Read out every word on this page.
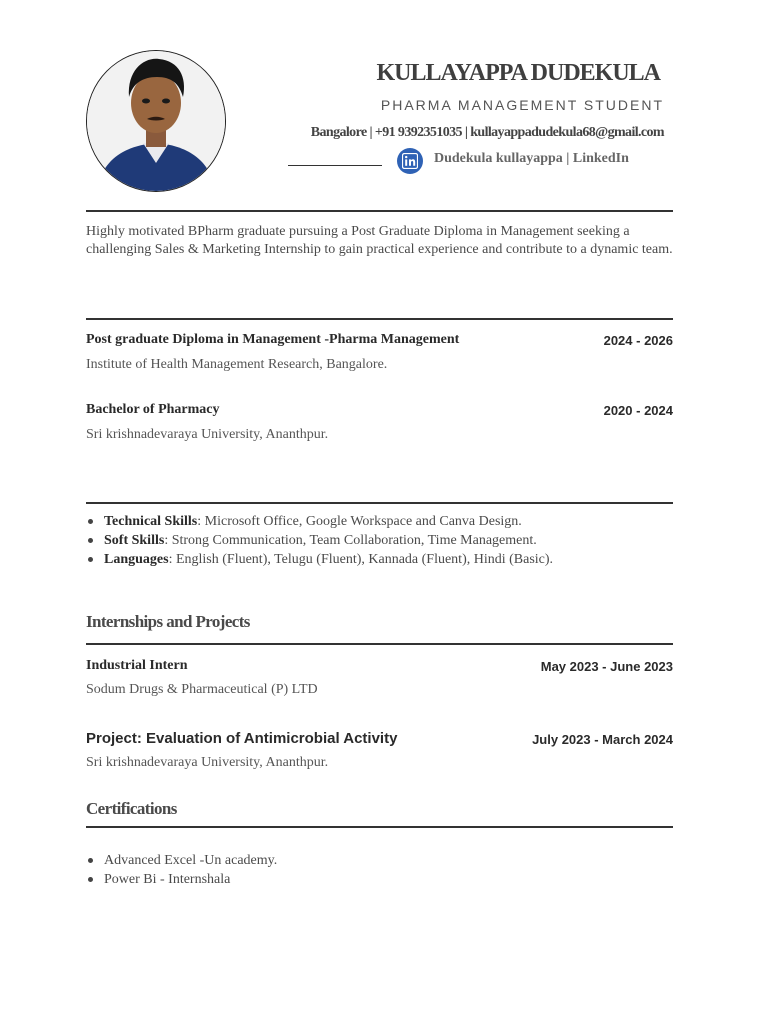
KULLAYAPPA DUDEKULA
PHARMA MANAGEMENT STUDENT
Bangalore | +91 9392351035 | kullayappadudekula68@gmail.com
Dudekula kullayappa | LinkedIn
Highly motivated BPharm graduate pursuing a Post Graduate Diploma in Management seeking a challenging Sales & Marketing Internship to gain practical experience and contribute to a dynamic team.
Post graduate Diploma in Management -Pharma Management	2024 - 2026
Institute of Health Management Research, Bangalore.
Bachelor of Pharmacy	2020 - 2024
Sri krishnadevaraya University, Ananthpur.
Technical Skills: Microsoft Office, Google Workspace and Canva Design.
Soft Skills: Strong Communication, Team Collaboration, Time Management.
Languages: English (Fluent), Telugu (Fluent), Kannada (Fluent), Hindi (Basic).
Internships and Projects
Industrial Intern	May 2023 - June 2023
Sodum Drugs & Pharmaceutical (P) LTD
Project: Evaluation of Antimicrobial Activity	July 2023 - March 2024
Sri krishnadevaraya University, Ananthpur.
Certifications
Advanced Excel -Un academy.
Power Bi - Internshala
